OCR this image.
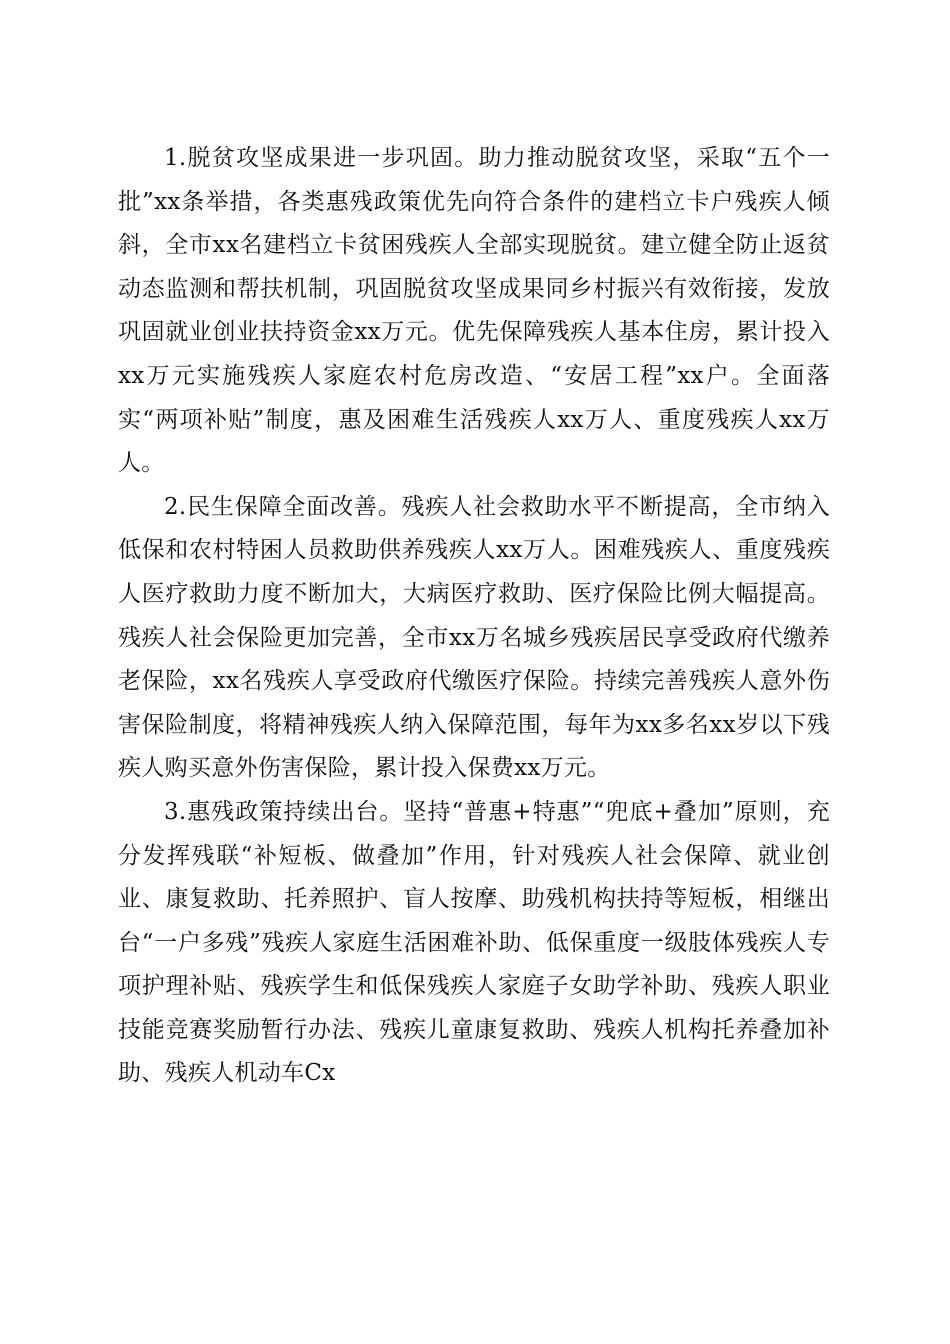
1.脱贫攻坚成果进一步巩固。助力推动脱贫攻坚，采取“五个一批”xx条举措，各类惠残政策优先向符合条件的建档立卡户残疾人倾斜，全市xx名建档立卡贫困残疾人全部实现脱贫。建立健全防止返贫动态监测和帮扶机制，巩固脱贫攻坚成果同乡村振兴有效衔接，发放巩固就业创业扶持资金xx万元。优先保障残疾人基本住房，累计投入xx万元实施残疾人家庭农村危房改造、“安居工程”xx户。全面落实“两项补贴”制度，惠及困难生活残疾人xx万人、重度残疾人xx万人。

2.民生保障全面改善。残疾人社会救助水平不断提高，全市纳入低保和农村特困人员救助供养残疾人xx万人。困难残疾人、重度残疾人医疗救助力度不断加大，大病医疗救助、医疗保险比例大幅提高。残疾人社会保险更加完善，全市xx万名城乡残疾居民享受政府代缴养老保险，xx名残疾人享受政府代缴医疗保险。持续完善残疾人意外伤害保险制度，将精神残疾人纳入保障范围，每年为xx多名xx岁以下残疾人购买意外伤害保险，累计投入保费xx万元。

3.惠残政策持续出台。坚持“普惠+特惠”“兜底+叠加”原则，充分发挥残联“补短板、做叠加”作用，针对残疾人社会保障、就业创业、康复救助、托养照护、盲人按摩、助残机构扶持等短板，相继出台“一户多残”残疾人家庭生活困难补助、低保重度一级肢体残疾人专项护理补贴、残疾学生和低保残疾人家庭子女助学补助、残疾人职业技能竞赛奖励暂行办法、残疾儿童康复救助、残疾人机构托养叠加补助、残疾人机动车Cx
